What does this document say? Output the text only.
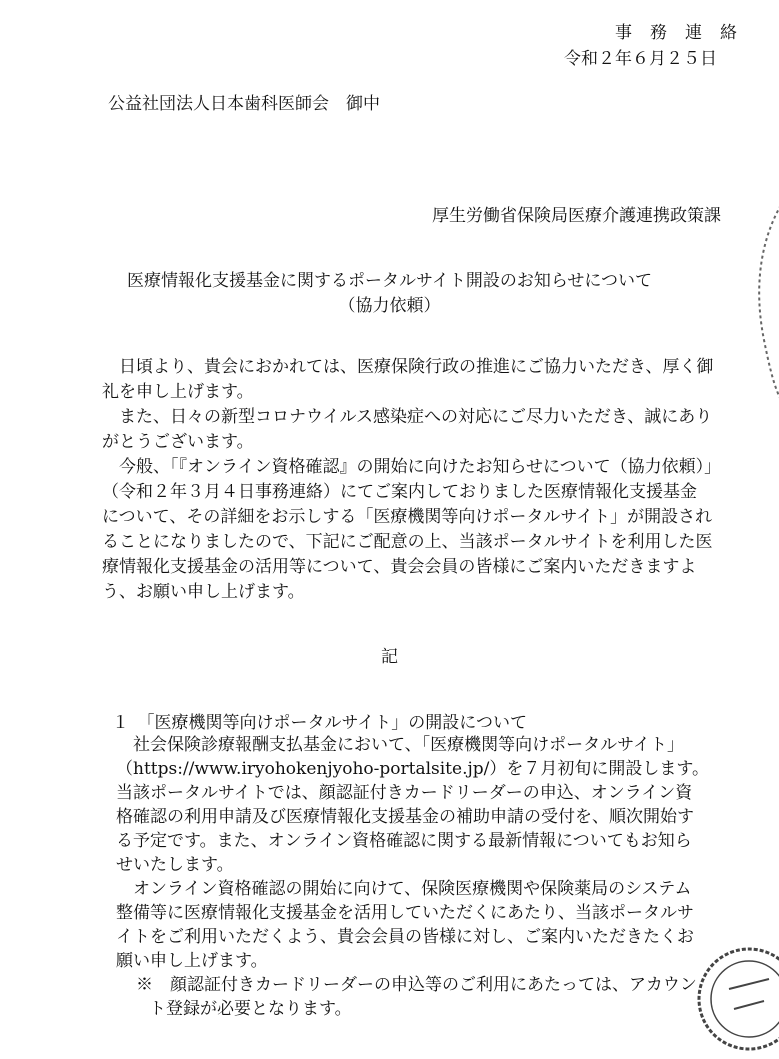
事務連絡
令和２年６月２５日
公益社団法人日本歯科医師会　御中
厚生労働省保険局医療介護連携政策課
医療情報化支援基金に関するポータルサイト開設のお知らせについて
（協力依頼）
　日頃より、貴会におかれては、医療保険行政の推進にご協力いただき、厚く御
礼を申し上げます。
　また、日々の新型コロナウイルス感染症への対応にご尽力いただき、誠にあり
がとうございます。
　今般、「『オンライン資格確認』の開始に向けたお知らせについて（協力依頼）」
（令和２年３月４日事務連絡）にてご案内しておりました医療情報化支援基金
について、その詳細をお示しする「医療機関等向けポータルサイト」が開設され
ることになりましたので、下記にご配意の上、当該ポータルサイトを利用した医
療情報化支援基金の活用等について、貴会会員の皆様にご案内いただきますよ
う、お願い申し上げます。
記
１　「医療機関等向けポータルサイト」の開設について
　社会保険診療報酬支払基金において、「医療機関等向けポータルサイト」
（https://www.iryohokenjyoho-portalsite.jp/）を７月初旬に開設します。
当該ポータルサイトでは、顔認証付きカードリーダーの申込、オンライン資
格確認の利用申請及び医療情報化支援基金の補助申請の受付を、順次開始す
る予定です。また、オンライン資格確認に関する最新情報についてもお知ら
せいたします。
　オンライン資格確認の開始に向けて、保険医療機関や保険薬局のシステム
整備等に医療情報化支援基金を活用していただくにあたり、当該ポータルサ
イトをご利用いただくよう、貴会会員の皆様に対し、ご案内いただきたくお
願い申し上げます。
※　顔認証付きカードリーダーの申込等のご利用にあたっては、アカウン
ト登録が必要となります。
